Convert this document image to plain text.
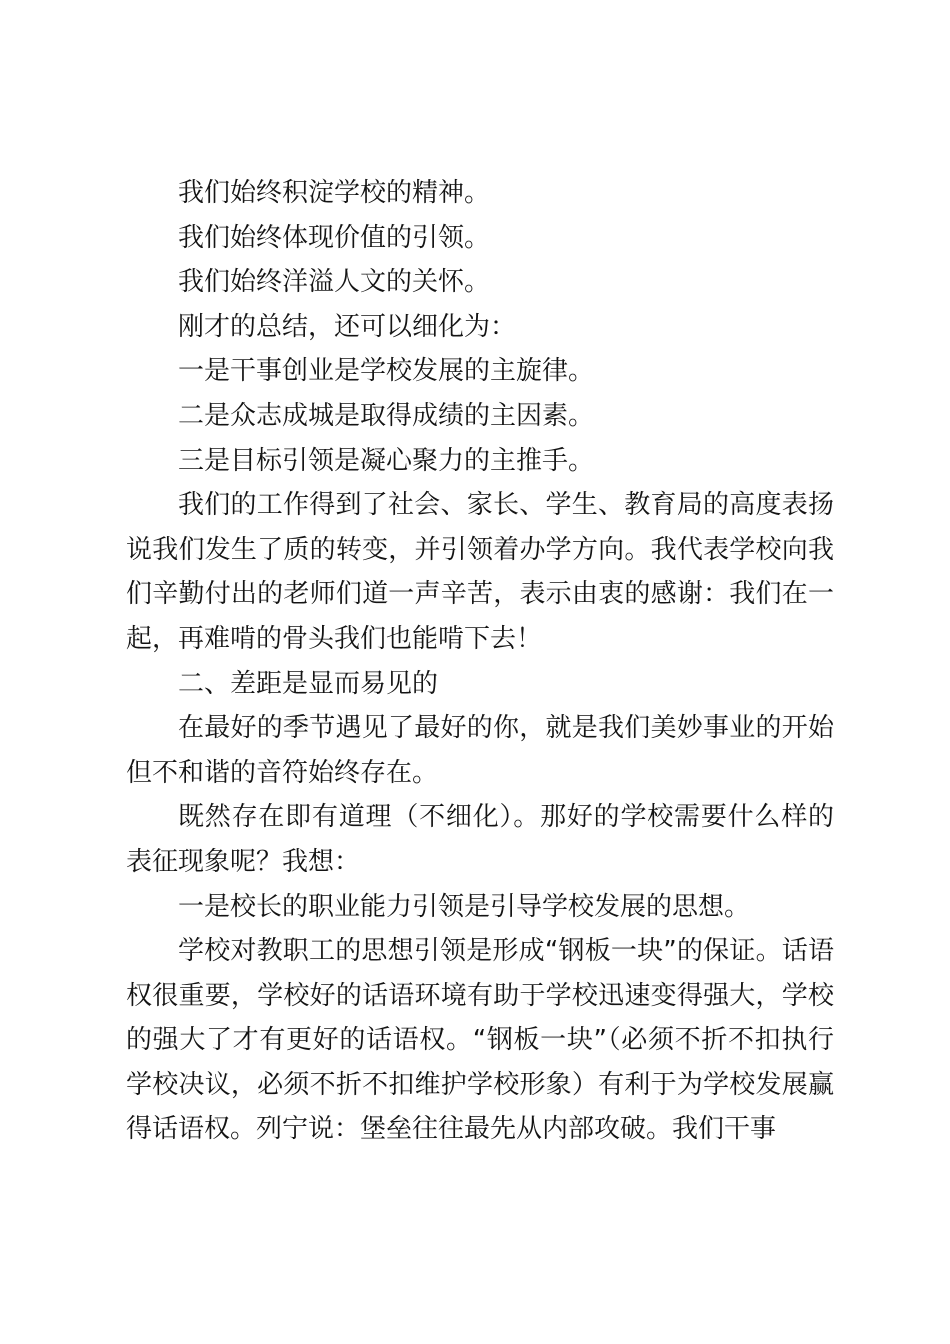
我们始终积淀学校的精神。

我们始终体现价值的引领。

我们始终洋溢人文的关怀。

刚才的总结，还可以细化为：

一是干事创业是学校发展的主旋律。

二是众志成城是取得成绩的主因素。

三是目标引领是凝心聚力的主推手。

我们的工作得到了社会、家长、学生、教育局的高度表扬说我们发生了质的转变，并引领着办学方向。我代表学校向我们辛勤付出的老师们道一声辛苦，表示由衷的感谢：我们在一起，再难啃的骨头我们也能啃下去！

二、差距是显而易见的

在最好的季节遇见了最好的你，就是我们美妙事业的开始但不和谐的音符始终存在。

既然存在即有道理（不细化）。那好的学校需要什么样的表征现象呢？我想：

一是校长的职业能力引领是引导学校发展的思想。

学校对教职工的思想引领是形成“钢板一块”的保证。话语权很重要，学校好的话语环境有助于学校迅速变得强大，学校的强大了才有更好的话语权。“钢板一块”（必须不折不扣执行学校决议，必须不折不扣维护学校形象）有利于为学校发展赢得话语权。列宁说：堡垒往往最先从内部攻破。我们干事
